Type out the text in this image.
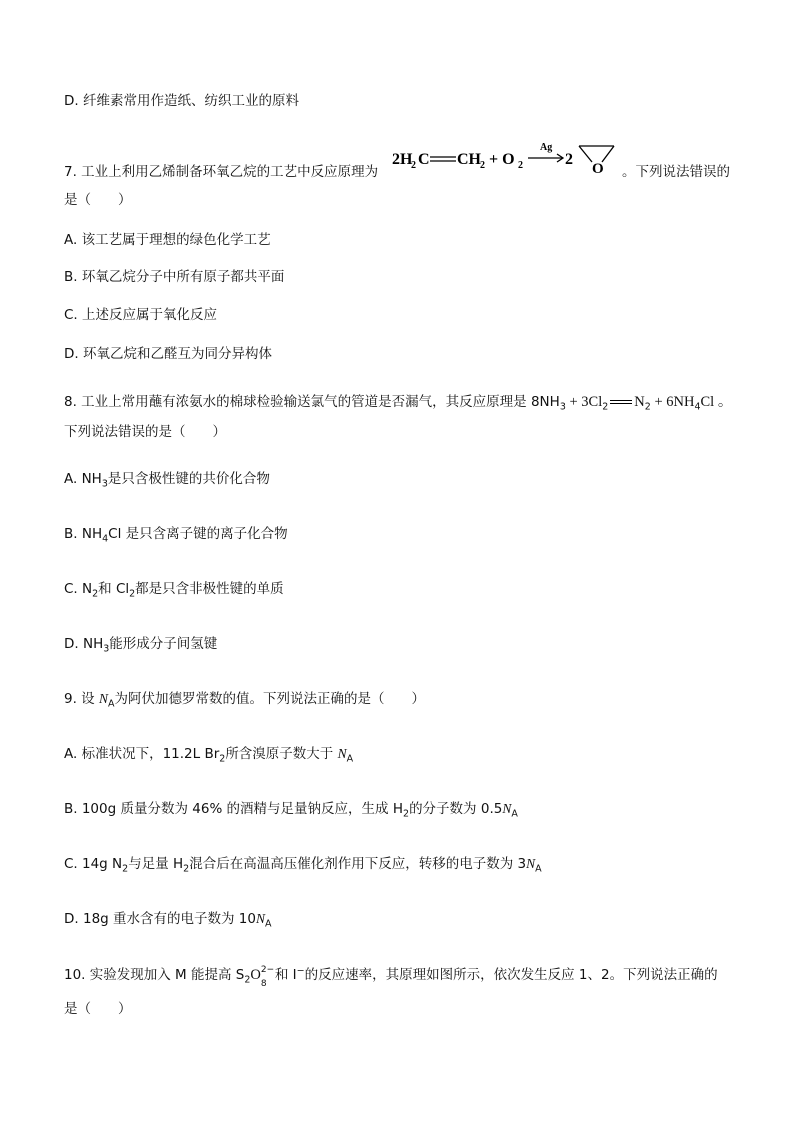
D. 纤维素常用作造纸、纺织工业的原料
7. 工业上利用乙烯制备环氧乙烷的工艺中反应原理为
2H
2 C CH 2 + O 2
Ag
2
O 。下列说法错误的
是（　　）
A. 该工艺属于理想的绿色化学工艺
B. 环氧乙烷分子中所有原子都共平面
C. 上述反应属于氧化反应
D. 环氧乙烷和乙醛互为同分异构体
8. 工业上常用蘸有浓氨水的棉球检验输送氯气的管道是否漏气，其反应原理是 $8NH_3 + 3Cl_2$ $N_2 + 6NH_4Cl$ 。
下列说法错误的是（　　）
A. $NH_3$是只含极性键的共价化合物
B. $NH_4Cl$ 是只含离子键的离子化合物
C. $N_2$和 $Cl_2$都是只含非极性键的单质
D. $NH_3$能形成分子间氢键
9. 设 $N_A$为阿伏加德罗常数的值。下列说法正确的是（　　）
A. 标准状况下，11.2L $Br_2$所含溴原子数大于 $N_A$
B. 100g 质量分数为 46% 的酒精与足量钠反应，生成 $H_2$的分子数为 $0.5N_A$
C. 14g $N_2$与足量 $H_2$混合后在高温高压催化剂作用下反应，转移的电子数为 $3N_A$
D. 18g 重水含有的电子数为 $10N_A$
10. 实验发现加入 M 能提高 $S_2O$ 2−
8
和 I−的反应速率，其原理如图所示，依次发生反应 1、2。下列说法正确的
是（　　）
